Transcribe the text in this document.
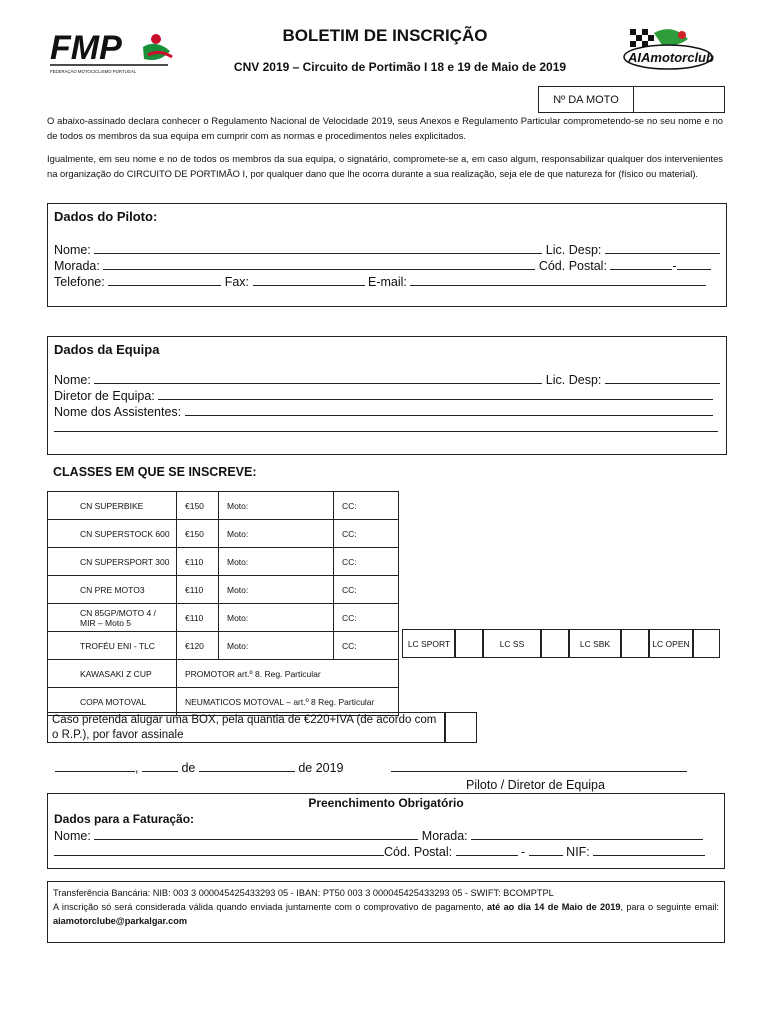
FMP
FEDERAÇÃO MOTOCICLISMO PORTUGAL
BOLETIM DE INSCRIÇÃO
CNV 2019 – Circuito de Portimão I 18 e 19 de Maio de 2019
AIAmotorclube
Nº DA MOTO
O abaixo-assinado declara conhecer o Regulamento Nacional de Velocidade 2019, seus Anexos e Regulamento Particular comprometendo-se no seu nome e no de todos os membros da sua equipa em cumprir com as normas e procedimentos neles explicitados.
Igualmente, em seu nome e no de todos os membros da sua equipa, o signatário, compromete-se a, em caso algum, responsabilizar qualquer dos intervenientes na organização do CIRCUITO DE PORTIMÃO I, por qualquer dano que lhe ocorra durante a sua realização, seja ele de que natureza for (físico ou material).
Dados do Piloto:
Nome:	Lic. Desp:
Morada:	Cód. Postal:	-
Telefone:	Fax:	E-mail:
Dados da Equipa
Nome:	Lic. Desp:
Diretor de Equipa:
Nome dos Assistentes:
CLASSES EM QUE SE INSCREVE:
CN SUPERBIKE	€150	Moto:	CC:
CN SUPERSTOCK 600	€150	Moto:	CC:
CN SUPERSPORT 300	€110	Moto:	CC:
CN PRE MOTO3	€110	Moto:	CC:
CN 85GP/MOTO 4 / MIR – Moto 5	€110	Moto:	CC:
TROFÉU ENI - TLC	€120	Moto:	CC:
KAWASAKI Z CUP	PROMOTOR art.º 8. Reg. Particular		
COPA MOTOVAL	NEUMATICOS MOTOVAL – art.º 8 Reg. Particular		
LC SPORT	LC SS	LC SBK	LC OPEN
Caso pretenda alugar uma BOX, pela quantia de €220+IVA (de acordo com o R.P.), por favor assinale
,	de	de 2019
Piloto / Diretor de Equipa
Preenchimento Obrigatório
Dados para a Faturação:
Nome:	Morada:
Cód. Postal:	-	NIF:
Transferência Bancária: NIB: 003 3 000045425433293 05 - IBAN: PT50 003 3 000045425433293 05 - SWIFT: BCOMPTPL
A inscrição só será considerada válida quando enviada juntamente com o comprovativo de pagamento, até ao dia 14 de Maio de 2019, para o seguinte email: aiamotorclube@parkalgar.com
